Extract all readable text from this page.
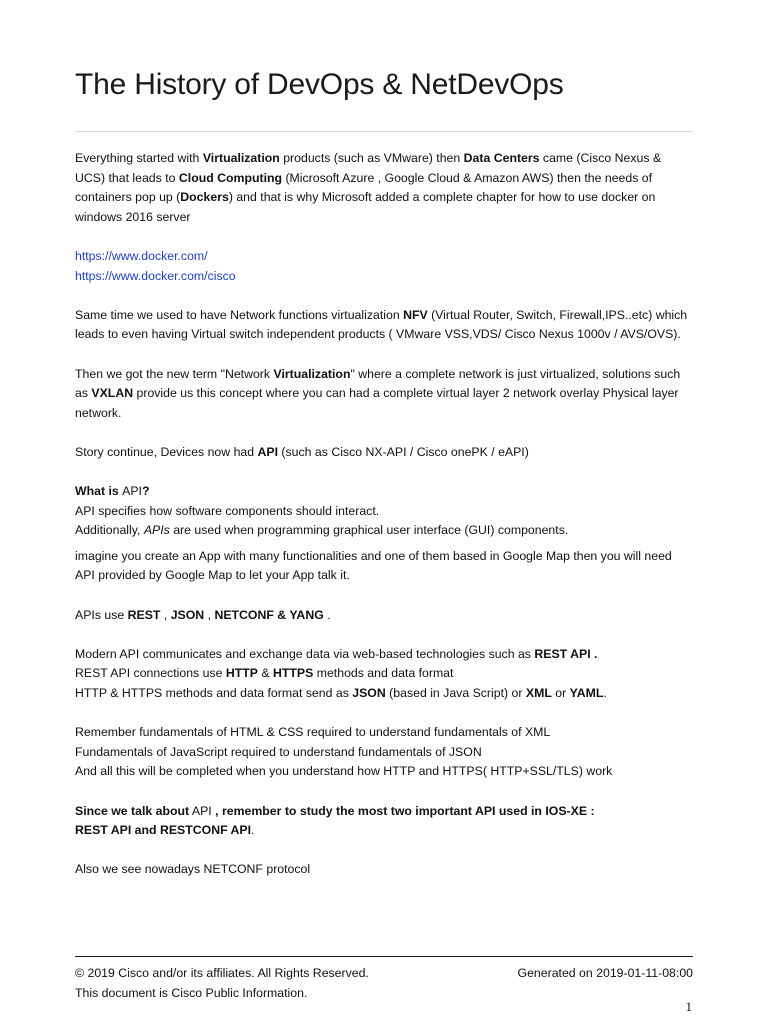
The History of DevOps & NetDevOps

Everything started with Virtualization products (such as VMware) then Data Centers came (Cisco Nexus & UCS) that leads to Cloud Computing (Microsoft Azure , Google Cloud & Amazon AWS) then the needs of containers pop up (Dockers) and that is why Microsoft added a complete chapter for how to use docker on windows 2016 server

https://www.docker.com/

https://www.docker.com/cisco

Same time we used to have Network functions virtualization NFV (Virtual Router, Switch, Firewall,IPS..etc) which leads to even having Virtual switch independent products ( VMware VSS,VDS/ Cisco Nexus 1000v / AVS/OVS).

Then we got the new term "Network Virtualization" where a complete network is just virtualized, solutions such as VXLAN provide us this concept where you can had a complete virtual layer 2 network overlay Physical layer network.

Story continue, Devices now had API (such as Cisco NX-API / Cisco onePK / eAPI)

What is API?

API specifies how software components should interact.

Additionally, APIs are used when programming graphical user interface (GUI) components.

imagine you create an App with many functionalities and one of them based in Google Map then you will need API provided by Google Map to let your App talk it.

APIs use REST , JSON , NETCONF & YANG .

Modern API communicates and exchange data via web-based technologies such as REST API .

REST API connections use HTTP & HTTPS methods and data format

HTTP & HTTPS methods and data format send as JSON (based in Java Script) or XML or YAML.

Remember fundamentals of HTML & CSS required to understand fundamentals of XML

Fundamentals of JavaScript required to understand fundamentals of JSON

And all this will be completed when you understand how HTTP and HTTPS( HTTP+SSL/TLS) work

Since we talk about API , remember to study the most two important API used in IOS-XE :

REST API and RESTCONF API.

Also we see nowadays NETCONF protocol

© 2019 Cisco and/or its affiliates. All Rights Reserved.	Generated on 2019-01-11-08:00
This document is Cisco Public Information.
1
